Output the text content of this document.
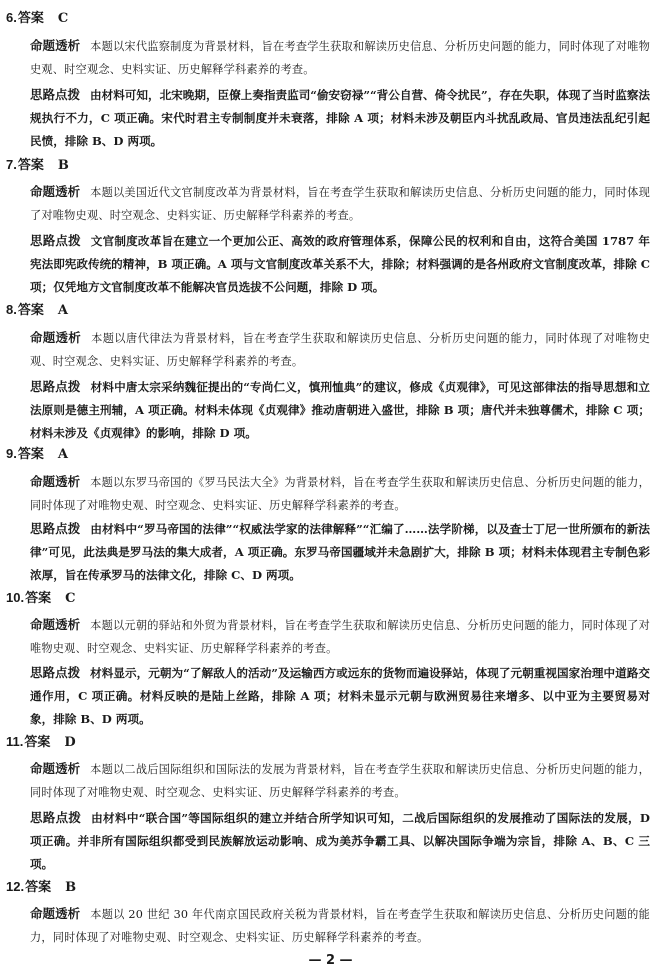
6.答案 C
命题透析 本题以宋代监察制度为背景材料，旨在考查学生获取和解读历史信息、分析历史问题的能力，同时体现了对唯物史观、时空观念、史料实证、历史解释学科素养的考查。
思路点拨 由材料可知，北宋晚期，臣僚上奏指责监司“偷安窃禄”“背公自营、倚令扰民”，存在失职，体现了当时监察法规执行不力，C 项正确。宋代时君主专制制度并未衰落，排除 A 项；材料未涉及朝臣内斗扰乱政局、官员违法乱纪引起民愤，排除 B、D 两项。
7.答案 B
命题透析 本题以美国近代文官制度改革为背景材料，旨在考查学生获取和解读历史信息、分析历史问题的能力，同时体现了对唯物史观、时空观念、史料实证、历史解释学科素养的考查。
思路点拨 文官制度改革旨在建立一个更加公正、高效的政府管理体系，保障公民的权利和自由，这符合美国 1787 年宪法即宪政传统的精神，B 项正确。A 项与文官制度改革关系不大，排除；材料强调的是各州政府文官制度改革，排除 C 项；仅凭地方文官制度改革不能解决官员选拔不公问题，排除 D 项。
8.答案 A
命题透析 本题以唐代律法为背景材料，旨在考查学生获取和解读历史信息、分析历史问题的能力，同时体现了对唯物史观、时空观念、史料实证、历史解释学科素养的考查。
思路点拨 材料中唐太宗采纳魏征提出的“专尚仁义，慎刑恤典”的建议，修成《贞观律》，可见这部律法的指导思想和立法原则是德主刑辅，A 项正确。材料未体现《贞观律》推动唐朝进入盛世，排除 B 项；唐代并未独尊儒术，排除 C 项；材料未涉及《贞观律》的影响，排除 D 项。
9.答案 A
命题透析 本题以东罗马帝国的《罗马民法大全》为背景材料，旨在考查学生获取和解读历史信息、分析历史问题的能力，同时体现了对唯物史观、时空观念、史料实证、历史解释学科素养的考查。
思路点拨 由材料中“罗马帝国的法律”“权威法学家的法律解释”“汇编了……法学阶梯，以及查士丁尼一世所颁布的新法律”可见，此法典是罗马法的集大成者，A 项正确。东罗马帝国疆域并未急剧扩大，排除 B 项；材料未体现君主专制色彩浓厚，旨在传承罗马的法律文化，排除 C、D 两项。
10.答案 C
命题透析 本题以元朝的驿站和外贸为背景材料，旨在考查学生获取和解读历史信息、分析历史问题的能力，同时体现了对唯物史观、时空观念、史料实证、历史解释学科素养的考查。
思路点拨 材料显示，元朝为“了解敌人的活动”及运输西方或远东的货物而遍设驿站，体现了元朝重视国家治理中道路交通作用，C 项正确。材料反映的是陆上丝路，排除 A 项；材料未显示元朝与欧洲贸易往来增多、以中亚为主要贸易对象，排除 B、D 两项。
11.答案 D
命题透析 本题以二战后国际组织和国际法的发展为背景材料，旨在考查学生获取和解读历史信息、分析历史问题的能力，同时体现了对唯物史观、时空观念、史料实证、历史解释学科素养的考查。
思路点拨 由材料中“联合国”等国际组织的建立并结合所学知识可知，二战后国际组织的发展推动了国际法的发展，D 项正确。并非所有国际组织都受到民族解放运动影响、成为美苏争霸工具、以解决国际争端为宗旨，排除 A、B、C 三项。
12.答案 B
命题透析 本题以 20 世纪 30 年代南京国民政府关税为背景材料，旨在考查学生获取和解读历史信息、分析历史问题的能力，同时体现了对唯物史观、时空观念、史料实证、历史解释学科素养的考查。
— 2 —
